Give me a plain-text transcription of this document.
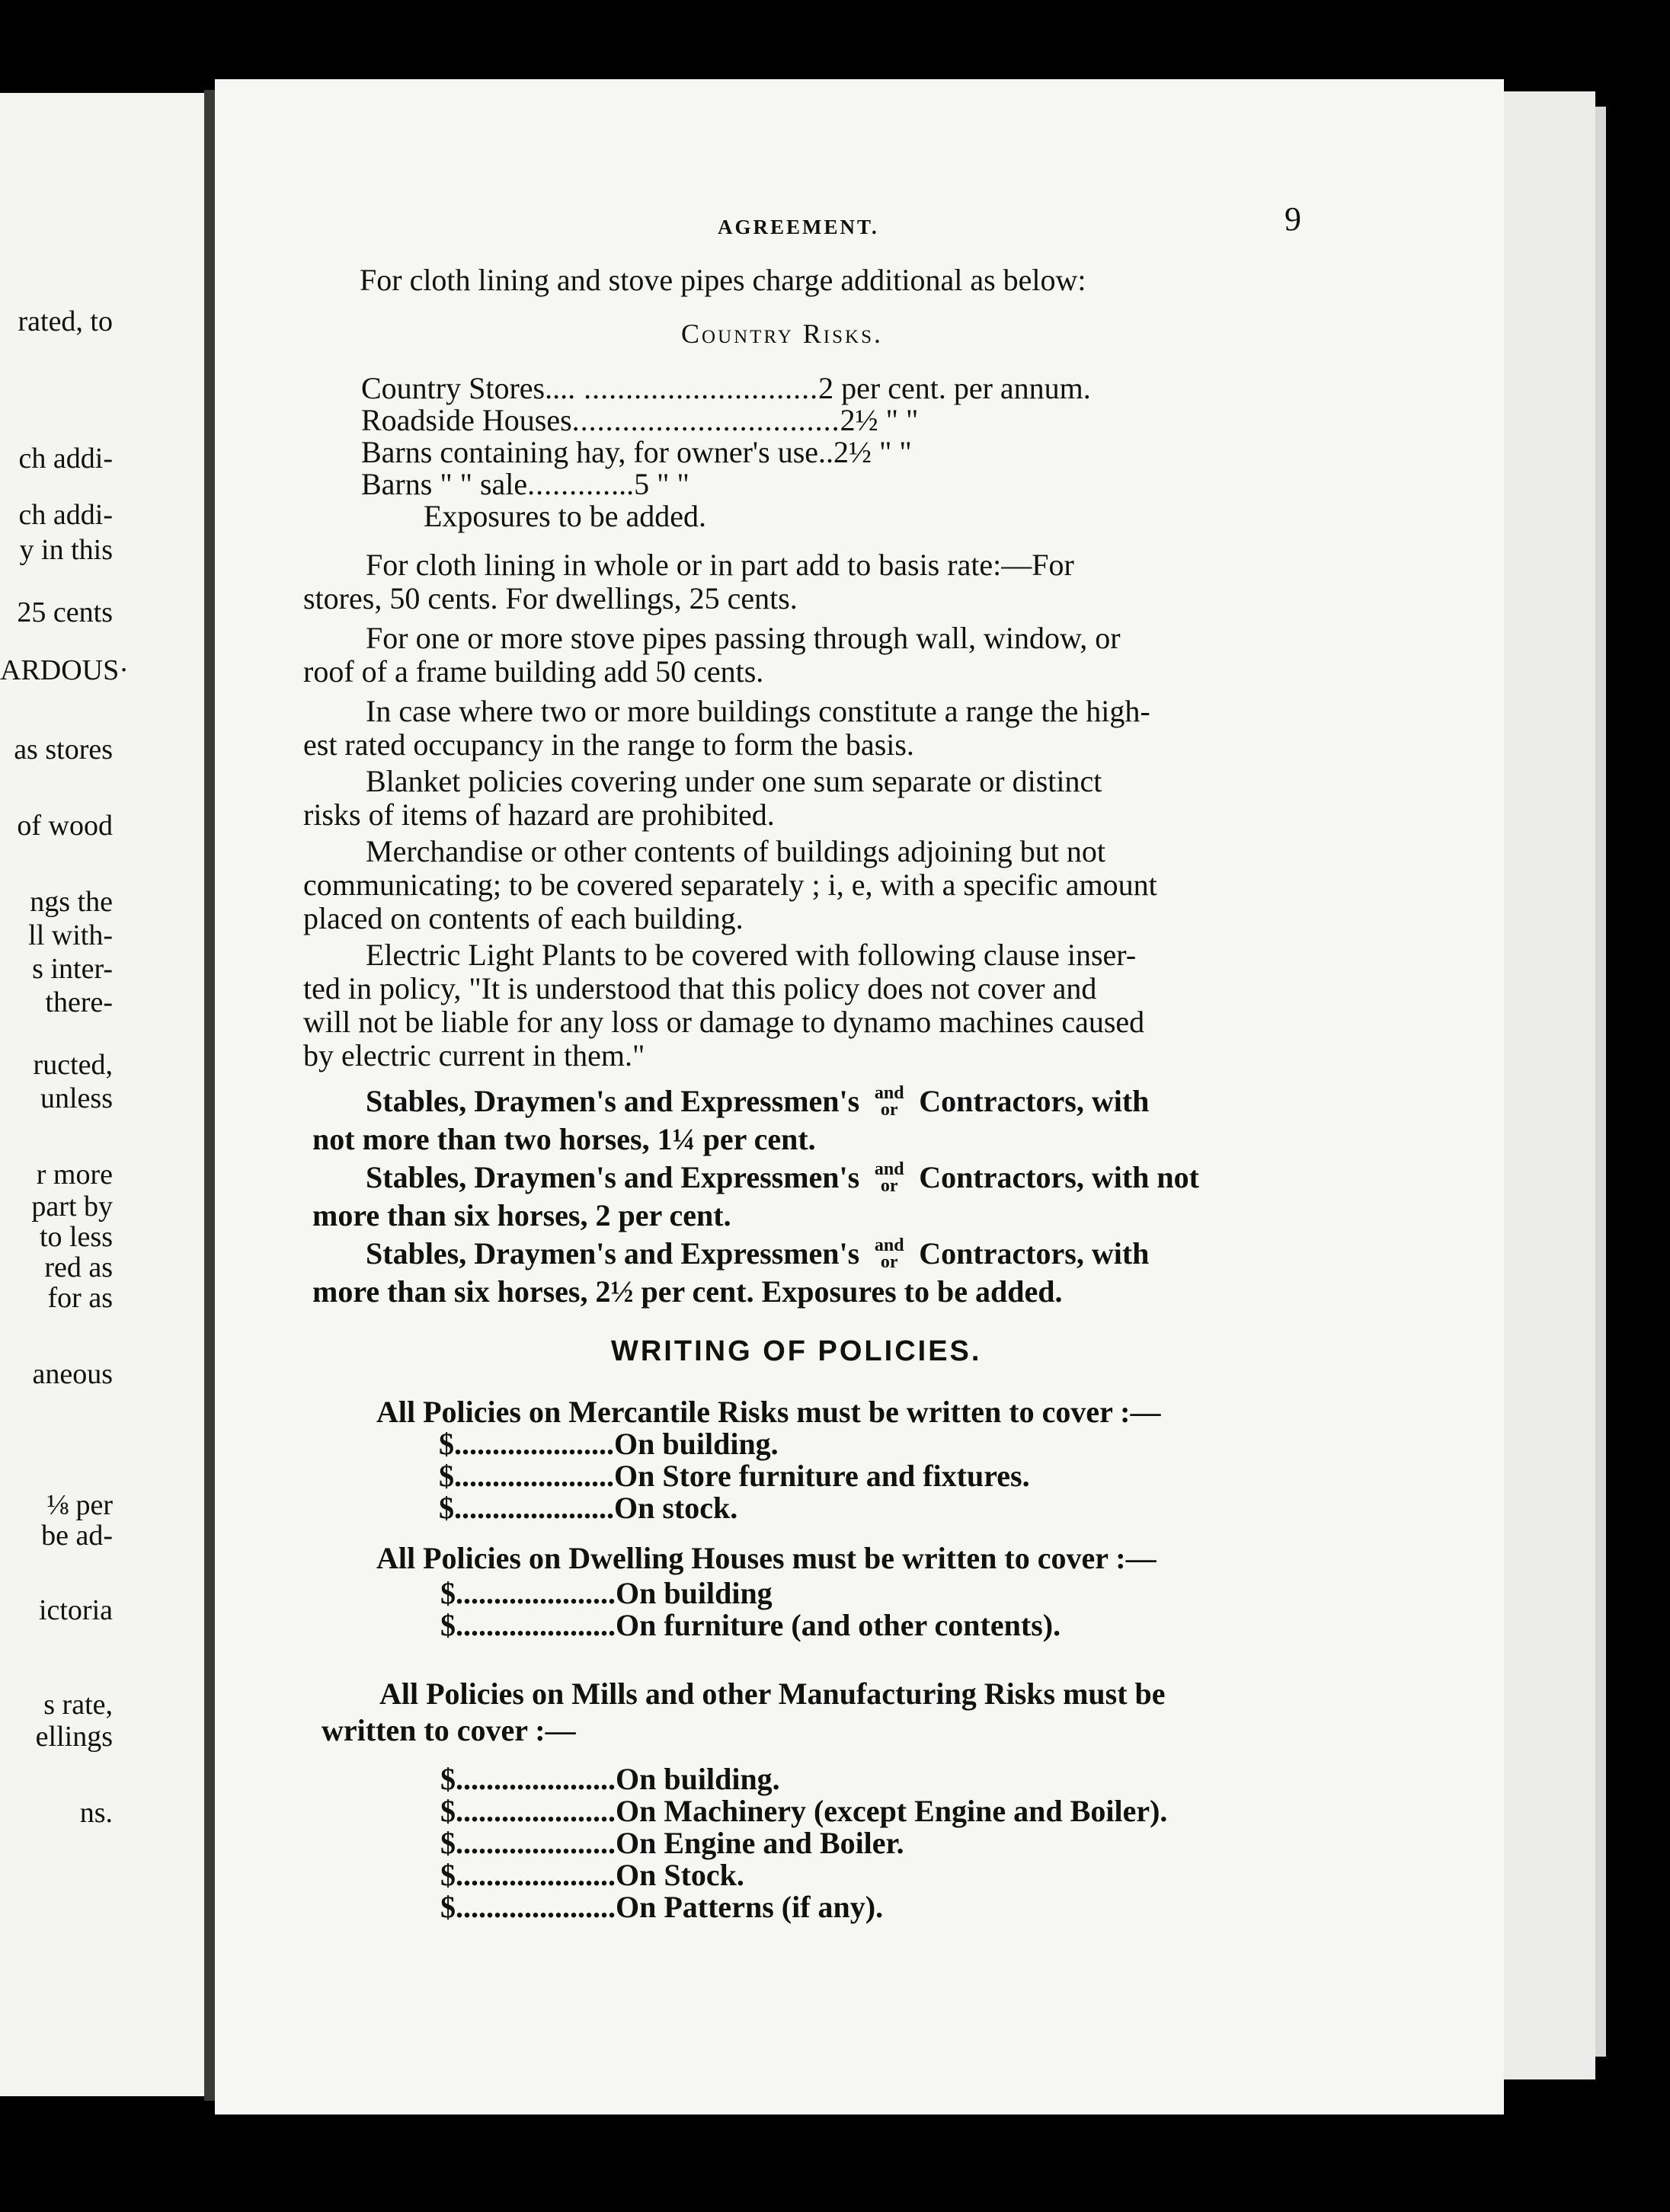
rated, to
ch addi-
ch addi-
y in this
25 cents
ARDOUS·
as stores
of wood
ngs the
ll with-
s inter-
there-
ructed,
unless
r more
part by
to less
red as
for as
aneous
⅛ per
be ad-
ictoria
s rate,
ellings
ns.
AGREEMENT.	9
For cloth lining and stove pipes charge additional as below:
Country Risks.
Country Stores.... ............................2 per cent. per annum.
Roadside Houses................................2½ " "
Barns containing hay, for owner's use..2½ " "
Barns " " sale.............5 " "
Exposures to be added.
For cloth lining in whole or in part add to basis rate:—For
stores, 50 cents. For dwellings, 25 cents.
For one or more stove pipes passing through wall, window, or
roof of a frame building add 50 cents.
In case where two or more buildings constitute a range the high-
est rated occupancy in the range to form the basis.
Blanket policies covering under one sum separate or distinct
risks of items of hazard are prohibited.
Merchandise or other contents of buildings adjoining but not
communicating; to be covered separately ; i, e, with a specific amount
placed on contents of each building.
Electric Light Plants to be covered with following clause inser-
ted in policy, "It is understood that this policy does not cover and
will not be liable for any loss or damage to dynamo machines caused
by electric current in them."
Stables, Draymen's and Expressmen's and
or Contractors, with
not more than two horses, 1¼ per cent.
Stables, Draymen's and Expressmen's and
or Contractors, with not
more than six horses, 2 per cent.
Stables, Draymen's and Expressmen's and
or Contractors, with
more than six horses, 2½ per cent. Exposures to be added.
WRITING OF POLICIES.
All Policies on Mercantile Risks must be written to cover :—
$.....................On building.
$.....................On Store furniture and fixtures.
$.....................On stock.
All Policies on Dwelling Houses must be written to cover :—
$.....................On building
$.....................On furniture (and other contents).
All Policies on Mills and other Manufacturing Risks must be
written to cover :—
$.....................On building.
$.....................On Machinery (except Engine and Boiler).
$.....................On Engine and Boiler.
$.....................On Stock.
$.....................On Patterns (if any).
